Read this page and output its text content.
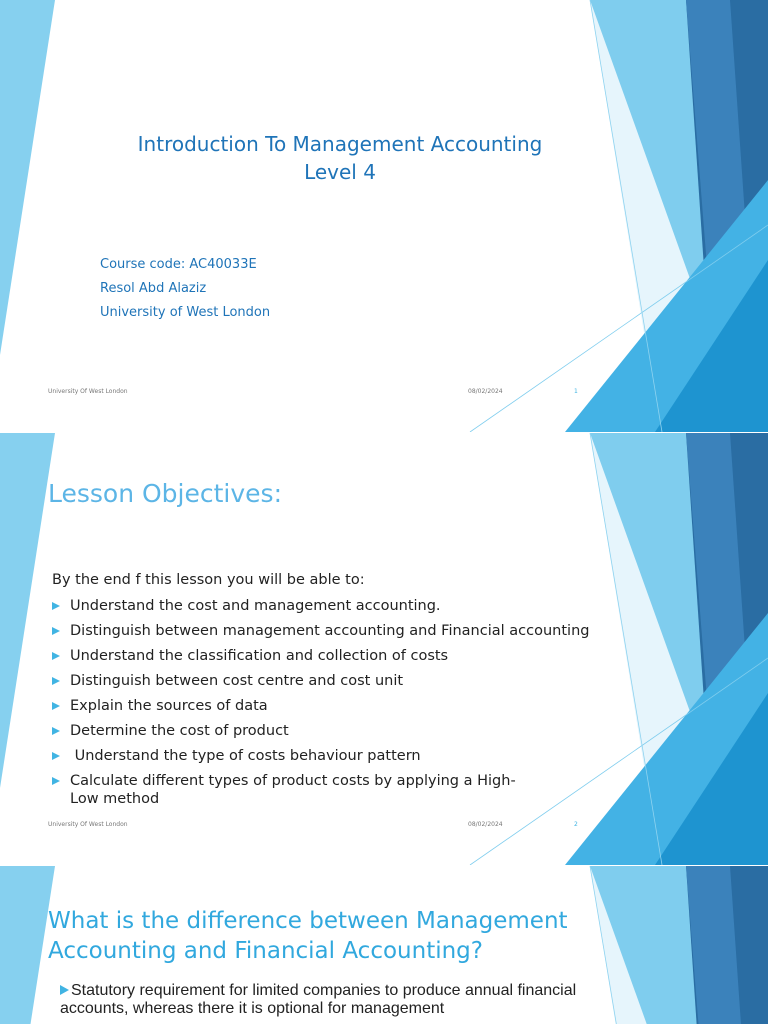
Introduction To Management Accounting
Level 4
Course code: AC40033E
Resol Abd Alaziz
University of West London
University Of West London	08/02/2024	1
Lesson Objectives:
By the end f this lesson you will be able to:
Understand the cost and management accounting.
Distinguish between management accounting and Financial accounting
Understand the classification and collection of costs
Distinguish between cost centre and cost unit
Explain the sources of data
Determine the cost of product
Understand the type of costs behaviour pattern
Calculate different types of product costs by applying a High-Low method
University Of West London	08/02/2024	2
What is the difference between Management Accounting and Financial Accounting?
Statutory requirement for limited companies to produce annual financial accounts, whereas there it is optional for management
